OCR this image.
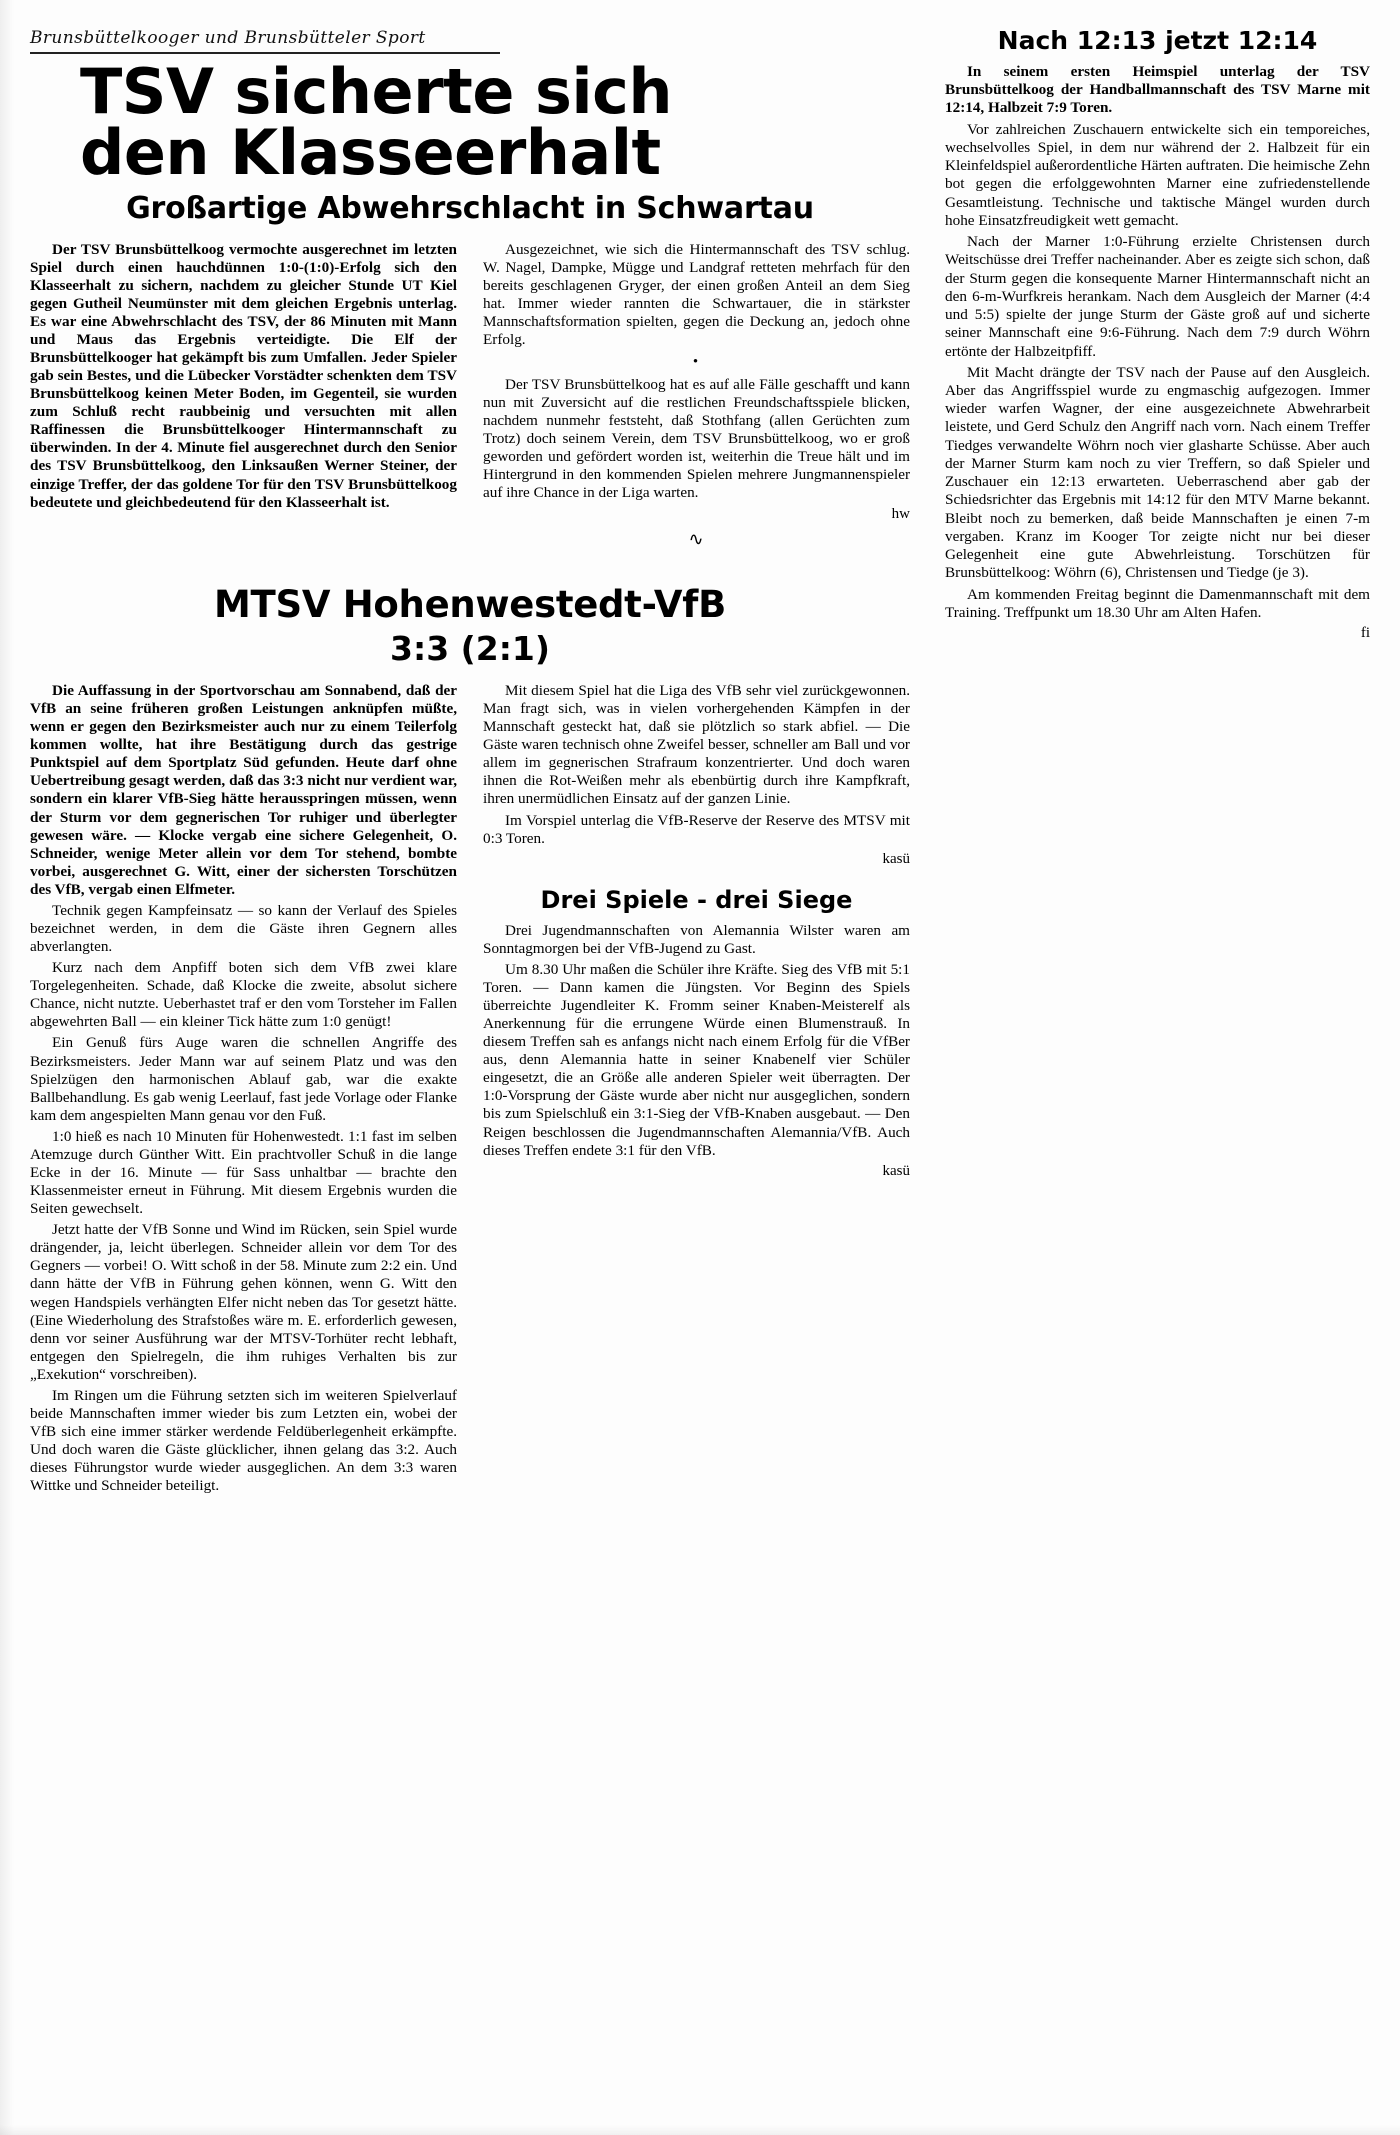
Brunsbüttelkooger und Brunsbütteler Sport
TSV sicherte sich
den Klasseerhalt
Großartige Abwehrschlacht in Schwartau

Der TSV Brunsbüttelkoog vermochte ausgerechnet im letzten Spiel durch einen hauchdünnen 1:0-(1:0)-Erfolg sich den Klasseerhalt zu sichern, nachdem zu gleicher Stunde UT Kiel gegen Gutheil Neumünster mit dem gleichen Ergebnis unterlag. Es war eine Abwehrschlacht des TSV, der 86 Minuten mit Mann und Maus das Ergebnis verteidigte. Die Elf der Brunsbüttelkooger hat gekämpft bis zum Umfallen. Jeder Spieler gab sein Bestes, und die Lübecker Vorstädter schenkten dem TSV Brunsbüttelkoog keinen Meter Boden, im Gegenteil, sie wurden zum Schluß recht raubbeinig und versuchten mit allen Raffinessen die Brunsbüttelkooger Hintermannschaft zu überwinden. In der 4. Minute fiel ausgerechnet durch den Senior des TSV Brunsbüttelkoog, den Linksaußen Werner Steiner, der einzige Treffer, der das goldene Tor für den TSV Brunsbüttelkoog bedeutete und gleichbedeutend für den Klasseerhalt ist.

Ausgezeichnet, wie sich die Hintermannschaft des TSV schlug. W. Nagel, Dampke, Mügge und Landgraf retteten mehrfach für den bereits geschlagenen Gryger, der einen großen Anteil an dem Sieg hat. Immer wieder rannten die Schwartauer, die in stärkster Mannschaftsformation spielten, gegen die Deckung an, jedoch ohne Erfolg.

•

Der TSV Brunsbüttelkoog hat es auf alle Fälle geschafft und kann nun mit Zuversicht auf die restlichen Freundschaftsspiele blicken, nachdem nunmehr feststeht, daß Stothfang (allen Gerüchten zum Trotz) doch seinem Verein, dem TSV Brunsbüttelkoog, wo er groß geworden und gefördert worden ist, weiterhin die Treue hält und im Hintergrund in den kommenden Spielen mehrere Jungmannenspieler auf ihre Chance in der Liga warten.

hw
∿
MTSV Hohenwestedt-VfB
3:3 (2:1)

Die Auffassung in der Sportvorschau am Sonnabend, daß der VfB an seine früheren großen Leistungen anknüpfen müßte, wenn er gegen den Bezirksmeister auch nur zu einem Teilerfolg kommen wollte, hat ihre Bestätigung durch das gestrige Punktspiel auf dem Sportplatz Süd gefunden. Heute darf ohne Uebertreibung gesagt werden, daß das 3:3 nicht nur verdient war, sondern ein klarer VfB-Sieg hätte herausspringen müssen, wenn der Sturm vor dem gegnerischen Tor ruhiger und überlegter gewesen wäre. — Klocke vergab eine sichere Gelegenheit, O. Schneider, wenige Meter allein vor dem Tor stehend, bombte vorbei, ausgerechnet G. Witt, einer der sichersten Torschützen des VfB, vergab einen Elfmeter.

Technik gegen Kampfeinsatz — so kann der Verlauf des Spieles bezeichnet werden, in dem die Gäste ihren Gegnern alles abverlangten.

Kurz nach dem Anpfiff boten sich dem VfB zwei klare Torgelegenheiten. Schade, daß Klocke die zweite, absolut sichere Chance, nicht nutzte. Ueberhastet traf er den vom Torsteher im Fallen abgewehrten Ball — ein kleiner Tick hätte zum 1:0 genügt!

Ein Genuß fürs Auge waren die schnellen Angriffe des Bezirksmeisters. Jeder Mann war auf seinem Platz und was den Spielzügen den harmonischen Ablauf gab, war die exakte Ballbehandlung. Es gab wenig Leerlauf, fast jede Vorlage oder Flanke kam dem angespielten Mann genau vor den Fuß.

1:0 hieß es nach 10 Minuten für Hohenwestedt. 1:1 fast im selben Atemzuge durch Günther Witt. Ein prachtvoller Schuß in die lange Ecke in der 16. Minute — für Sass unhaltbar — brachte den Klassenmeister erneut in Führung. Mit diesem Ergebnis wurden die Seiten gewechselt.

Jetzt hatte der VfB Sonne und Wind im Rücken, sein Spiel wurde drängender, ja, leicht überlegen. Schneider allein vor dem Tor des Gegners — vorbei! O. Witt schoß in der 58. Minute zum 2:2 ein. Und dann hätte der VfB in Führung gehen können, wenn G. Witt den wegen Handspiels verhängten Elfer nicht neben das Tor gesetzt hätte. (Eine Wiederholung des Strafstoßes wäre m. E. erforderlich gewesen, denn vor seiner Ausführung war der MTSV-Torhüter recht lebhaft, entgegen den Spielregeln, die ihm ruhiges Verhalten bis zur „Exekution“ vorschreiben).

Im Ringen um die Führung setzten sich im weiteren Spielverlauf beide Mannschaften immer wieder bis zum Letzten ein, wobei der VfB sich eine immer stärker werdende Feldüberlegenheit erkämpfte. Und doch waren die Gäste glücklicher, ihnen gelang das 3:2. Auch dieses Führungstor wurde wieder ausgeglichen. An dem 3:3 waren Wittke und Schneider beteiligt.

Mit diesem Spiel hat die Liga des VfB sehr viel zurückgewonnen. Man fragt sich, was in vielen vorhergehenden Kämpfen in der Mannschaft gesteckt hat, daß sie plötzlich so stark abfiel. — Die Gäste waren technisch ohne Zweifel besser, schneller am Ball und vor allem im gegnerischen Strafraum konzentrierter. Und doch waren ihnen die Rot-Weißen mehr als ebenbürtig durch ihre Kampfkraft, ihren unermüdlichen Einsatz auf der ganzen Linie.

Im Vorspiel unterlag die VfB-Reserve der Reserve des MTSV mit 0:3 Toren.

kasü
Drei Spiele - drei Siege

Drei Jugendmannschaften von Alemannia Wilster waren am Sonntagmorgen bei der VfB-Jugend zu Gast.

Um 8.30 Uhr maßen die Schüler ihre Kräfte. Sieg des VfB mit 5:1 Toren. — Dann kamen die Jüngsten. Vor Beginn des Spiels überreichte Jugendleiter K. Fromm seiner Knaben-Meisterelf als Anerkennung für die errungene Würde einen Blumenstrauß. In diesem Treffen sah es anfangs nicht nach einem Erfolg für die VfBer aus, denn Alemannia hatte in seiner Knabenelf vier Schüler eingesetzt, die an Größe alle anderen Spieler weit überragten. Der 1:0-Vorsprung der Gäste wurde aber nicht nur ausgeglichen, sondern bis zum Spielschluß ein 3:1-Sieg der VfB-Knaben ausgebaut. — Den Reigen beschlossen die Jugendmannschaften Alemannia/VfB. Auch dieses Treffen endete 3:1 für den VfB.

kasü
Nach 12:13 jetzt 12:14

In seinem ersten Heimspiel unterlag der TSV Brunsbüttelkoog der Handballmannschaft des TSV Marne mit 12:14, Halbzeit 7:9 Toren.

Vor zahlreichen Zuschauern entwickelte sich ein temporeiches, wechselvolles Spiel, in dem nur während der 2. Halbzeit für ein Kleinfeldspiel außerordentliche Härten auftraten. Die heimische Zehn bot gegen die erfolggewohnten Marner eine zufriedenstellende Gesamtleistung. Technische und taktische Mängel wurden durch hohe Einsatzfreudigkeit wett gemacht.

Nach der Marner 1:0-Führung erzielte Christensen durch Weitschüsse drei Treffer nacheinander. Aber es zeigte sich schon, daß der Sturm gegen die konsequente Marner Hintermannschaft nicht an den 6-m-Wurfkreis herankam. Nach dem Ausgleich der Marner (4:4 und 5:5) spielte der junge Sturm der Gäste groß auf und sicherte seiner Mannschaft eine 9:6-Führung. Nach dem 7:9 durch Wöhrn ertönte der Halbzeitpfiff.

Mit Macht drängte der TSV nach der Pause auf den Ausgleich. Aber das Angriffsspiel wurde zu engmaschig aufgezogen. Immer wieder warfen Wagner, der eine ausgezeichnete Abwehrarbeit leistete, und Gerd Schulz den Angriff nach vorn. Nach einem Treffer Tiedges verwandelte Wöhrn noch vier glasharte Schüsse. Aber auch der Marner Sturm kam noch zu vier Treffern, so daß Spieler und Zuschauer ein 12:13 erwarteten. Ueberraschend aber gab der Schiedsrichter das Ergebnis mit 14:12 für den MTV Marne bekannt. Bleibt noch zu bemerken, daß beide Mannschaften je einen 7-m vergaben. Kranz im Kooger Tor zeigte nicht nur bei dieser Gelegenheit eine gute Abwehrleistung. Torschützen für Brunsbüttelkoog: Wöhrn (6), Christensen und Tiedge (je 3).

Am kommenden Freitag beginnt die Damenmannschaft mit dem Training. Treffpunkt um 18.30 Uhr am Alten Hafen.

fi
